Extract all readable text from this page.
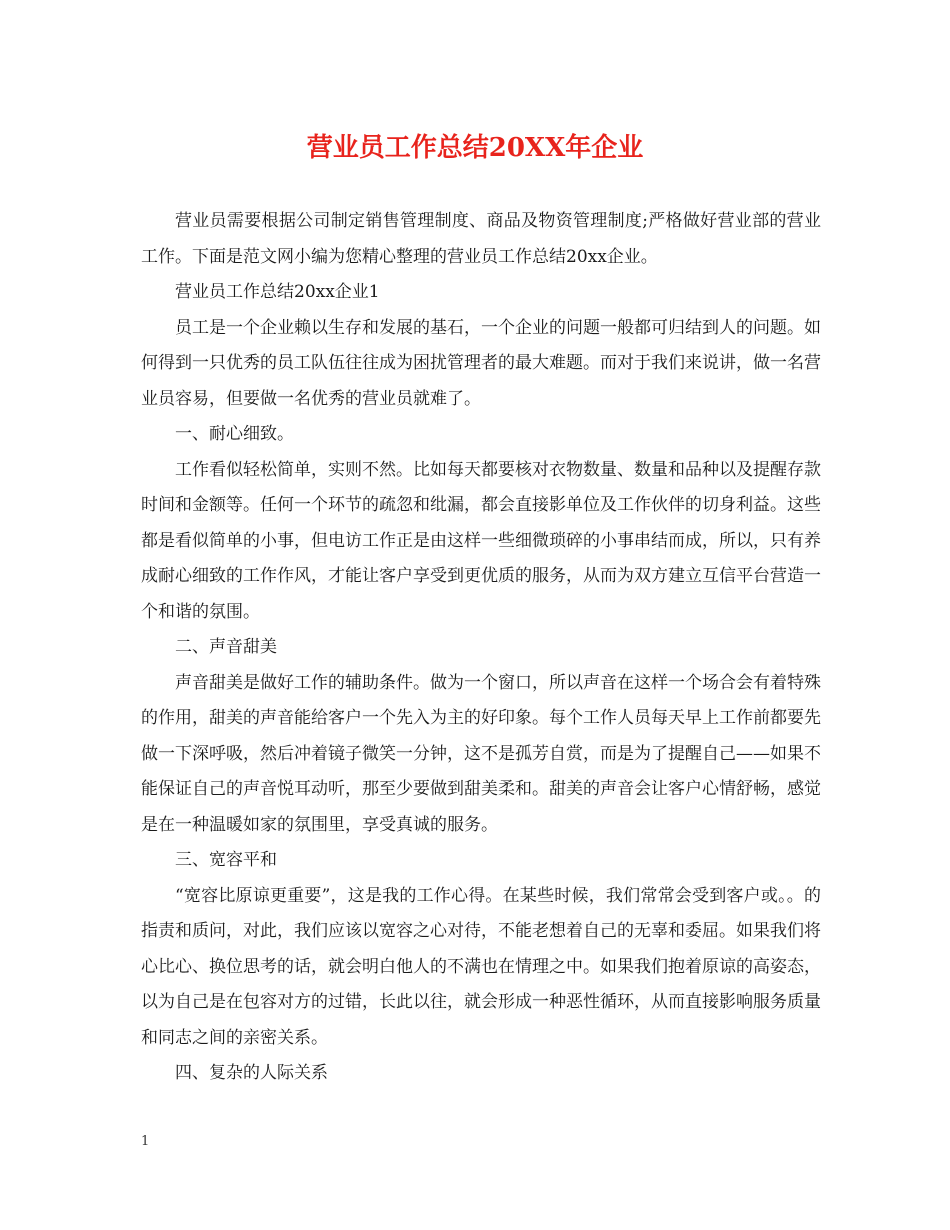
营业员工作总结20XX年企业

营业员需要根据公司制定销售管理制度、商品及物资管理制度;严格做好营业部的营业工作。下面是范文网小编为您精心整理的营业员工作总结20xx企业。

营业员工作总结20xx企业1

员工是一个企业赖以生存和发展的基石，一个企业的问题一般都可归结到人的问题。如何得到一只优秀的员工队伍往往成为困扰管理者的最大难题。而对于我们来说讲，做一名营业员容易，但要做一名优秀的营业员就难了。

一、耐心细致。

工作看似轻松简单，实则不然。比如每天都要核对衣物数量、数量和品种以及提醒存款时间和金额等。任何一个环节的疏忽和纰漏，都会直接影单位及工作伙伴的切身利益。这些都是看似简单的小事，但电访工作正是由这样一些细微琐碎的小事串结而成，所以，只有养成耐心细致的工作作风，才能让客户享受到更优质的服务，从而为双方建立互信平台营造一个和谐的氛围。

二、声音甜美

声音甜美是做好工作的辅助条件。做为一个窗口，所以声音在这样一个场合会有着特殊的作用，甜美的声音能给客户一个先入为主的好印象。每个工作人员每天早上工作前都要先做一下深呼吸，然后冲着镜子微笑一分钟，这不是孤芳自赏，而是为了提醒自己——如果不能保证自己的声音悦耳动听，那至少要做到甜美柔和。甜美的声音会让客户心情舒畅，感觉是在一种温暖如家的氛围里，享受真诚的服务。

三、宽容平和

“宽容比原谅更重要”，这是我的工作心得。在某些时候，我们常常会受到客户或。。的指责和质问，对此，我们应该以宽容之心对待，不能老想着自己的无辜和委屈。如果我们将心比心、换位思考的话，就会明白他人的不满也在情理之中。如果我们抱着原谅的高姿态，以为自己是在包容对方的过错，长此以往，就会形成一种恶性循环，从而直接影响服务质量和同志之间的亲密关系。

四、复杂的人际关系

1
